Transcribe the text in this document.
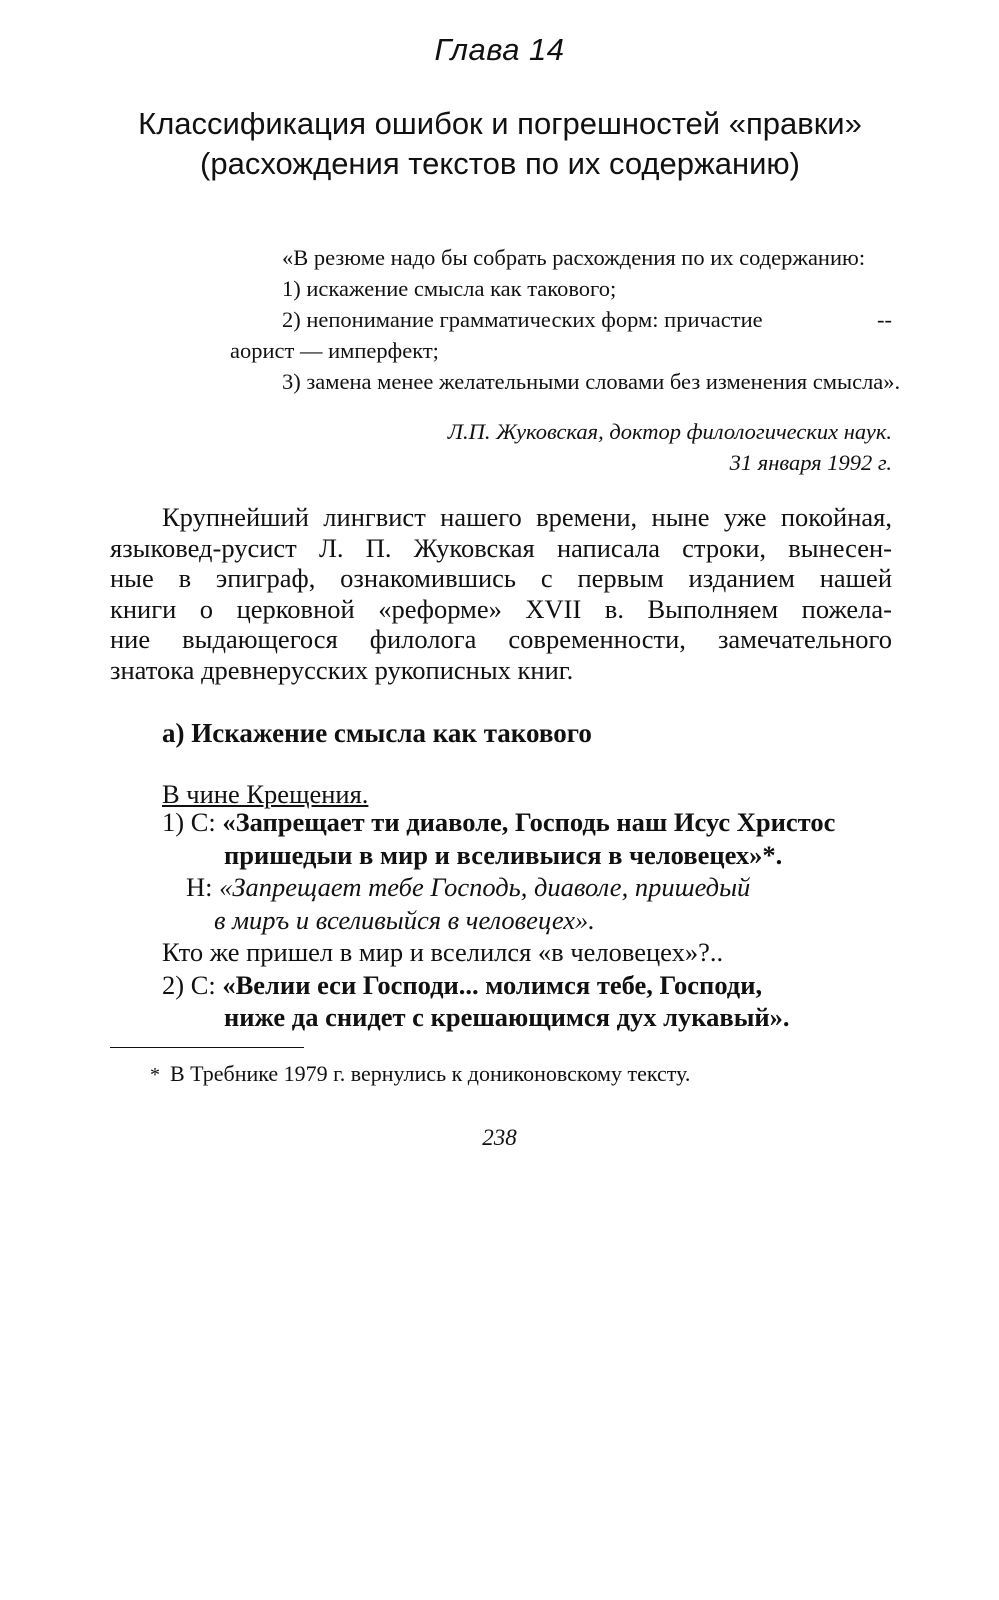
Глава 14
Классификация ошибок и погрешностей «правки»
(расхождения текстов по их содержанию)
«В резюме надо бы собрать расхождения по их содержанию:
1) искажение смысла как такового;
2) непонимание грамматических форм: причастие	--
аорист — имперфект;
3) замена менее желательными словами без изменения смысла».
Л.П. Жуковская, доктор филологических наук.
31 января 1992 г.
Крупнейший лингвист нашего времени, ныне уже покойная,
языковед-русист Л. П. Жуковская написала строки, вынесен-
ные в эпиграф, ознакомившись с первым изданием нашей
книги о церковной «реформе» XVII в. Выполняем пожела-
ние выдающегося филолога современности, замечательного
знатока древнерусских рукописных книг.
а) Искажение смысла как такового
В чине Крещения.
1) С: «Запрещает ти диаволе, Господь наш Исус Христос
пришедыи в мир и вселивыися в человецех»*.
Н: «Запрещает тебе Господь, диаволе, пришедый
в миръ и вселивыйся в человецех».
Кто же пришел в мир и вселился «в человецех»?..
2) С: «Велии еси Господи... молимся тебе, Господи,
ниже да снидет с крешающимся дух лукавый».
* В Требнике 1979 г. вернулись к дониконовскому тексту.
238
